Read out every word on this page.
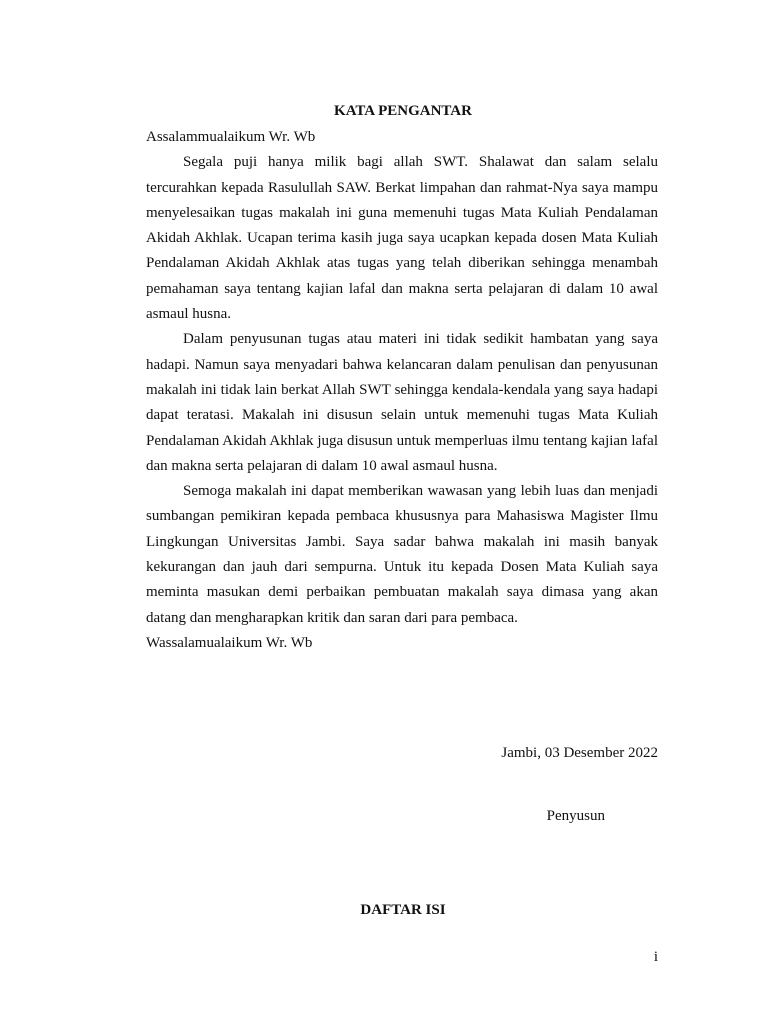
KATA PENGANTAR

Assalammualaikum Wr. Wb

Segala puji hanya milik bagi allah SWT. Shalawat dan salam selalu tercurahkan kepada Rasulullah SAW. Berkat limpahan dan rahmat-Nya saya mampu menyelesaikan tugas makalah ini guna memenuhi tugas Mata Kuliah Pendalaman Akidah Akhlak. Ucapan terima kasih juga saya ucapkan kepada dosen Mata Kuliah Pendalaman Akidah Akhlak atas tugas yang telah diberikan sehingga menambah pemahaman saya tentang kajian lafal dan makna serta pelajaran di dalam 10 awal asmaul husna.

Dalam penyusunan tugas atau materi ini tidak sedikit hambatan yang saya hadapi. Namun saya menyadari bahwa kelancaran dalam penulisan dan penyusunan makalah ini tidak lain berkat Allah SWT sehingga kendala-kendala yang saya hadapi dapat teratasi. Makalah ini disusun selain untuk memenuhi tugas Mata Kuliah Pendalaman Akidah Akhlak juga disusun untuk memperluas ilmu tentang kajian lafal dan makna serta pelajaran di dalam 10 awal asmaul husna.

Semoga makalah ini dapat memberikan wawasan yang lebih luas dan menjadi sumbangan pemikiran kepada pembaca khususnya para Mahasiswa Magister Ilmu Lingkungan Universitas Jambi. Saya sadar bahwa makalah ini masih banyak kekurangan dan jauh dari sempurna. Untuk itu kepada Dosen Mata Kuliah saya meminta masukan demi perbaikan pembuatan makalah saya dimasa yang akan datang dan mengharapkan kritik dan saran dari para pembaca.

Wassalamualaikum Wr. Wb

Jambi, 03 Desember 2022
Penyusun
DAFTAR ISI
i
